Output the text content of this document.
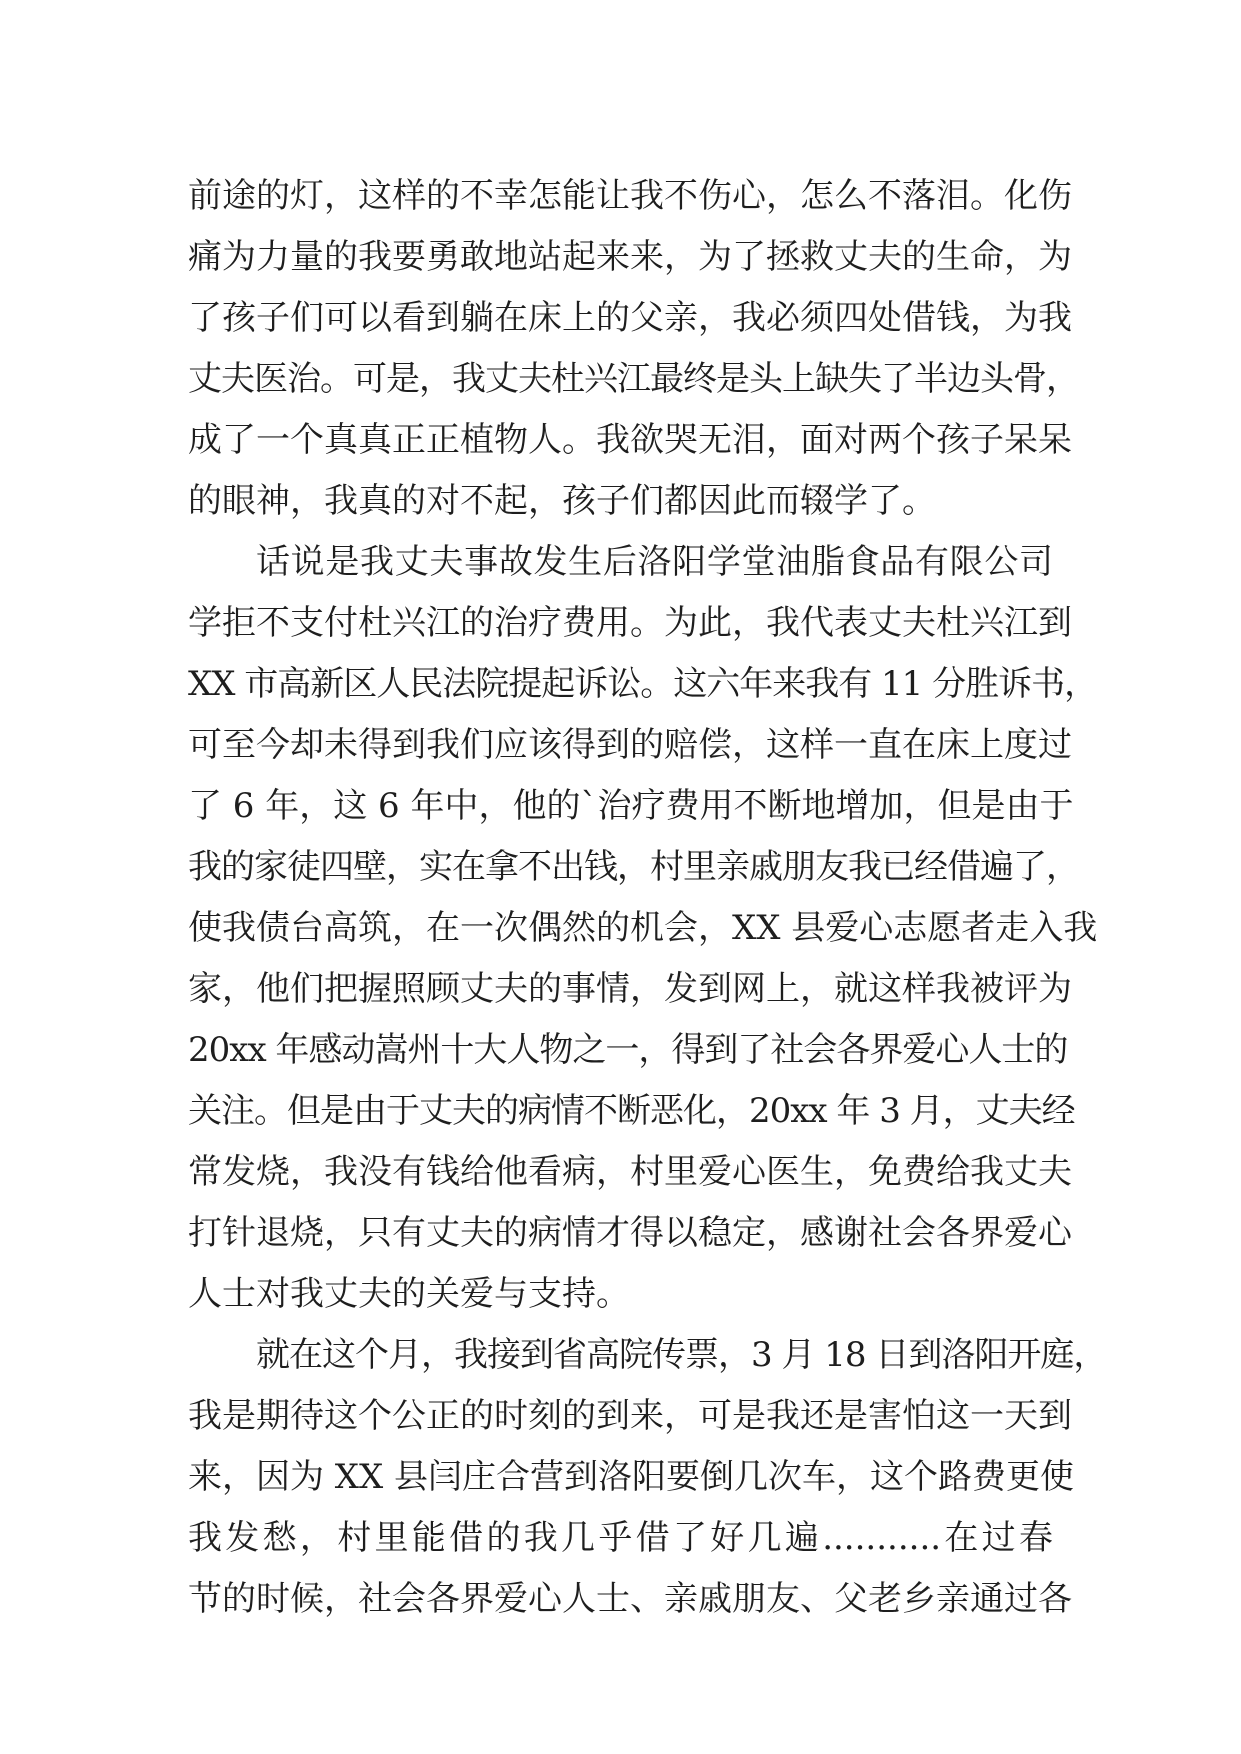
前途的灯，这样的不幸怎能让我不伤心，怎么不落泪。化伤
痛为力量的我要勇敢地站起来来，为了拯救丈夫的生命，为
了孩子们可以看到躺在床上的父亲，我必须四处借钱，为我
丈夫医治。可是，我丈夫杜兴江最终是头上缺失了半边头骨，
成了一个真真正正植物人。我欲哭无泪，面对两个孩子呆呆
的眼神，我真的对不起，孩子们都因此而辍学了。
话说是我丈夫事故发生后洛阳学堂油脂食品有限公司
学拒不支付杜兴江的治疗费用。为此，我代表丈夫杜兴江到
XX 市高新区人民法院提起诉讼。这六年来我有 11 分胜诉书，
可至今却未得到我们应该得到的赔偿，这样一直在床上度过
了 6 年，这 6 年中，他的`治疗费用不断地增加，但是由于
我的家徒四壁，实在拿不出钱，村里亲戚朋友我已经借遍了，
使我债台高筑，在一次偶然的机会，XX 县爱心志愿者走入我
家，他们把握照顾丈夫的事情，发到网上，就这样我被评为
20xx 年感动嵩州十大人物之一，得到了社会各界爱心人士的
关注。但是由于丈夫的病情不断恶化，20xx 年 3 月，丈夫经
常发烧，我没有钱给他看病，村里爱心医生，免费给我丈夫
打针退烧，只有丈夫的病情才得以稳定，感谢社会各界爱心
人士对我丈夫的关爱与支持。
就在这个月，我接到省高院传票，3 月 18 日到洛阳开庭，
我是期待这个公正的时刻的到来，可是我还是害怕这一天到
来，因为 XX 县闫庄合营到洛阳要倒几次车，这个路费更使
我发愁，村里能借的我几乎借了好几遍...........在过春
节的时候，社会各界爱心人士、亲戚朋友、父老乡亲通过各
